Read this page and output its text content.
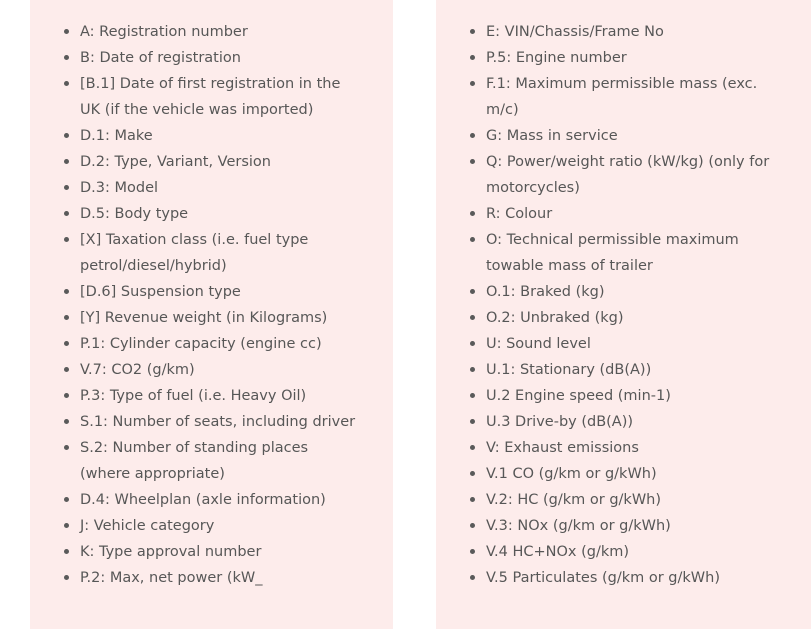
A: Registration number
B: Date of registration
[B.1] Date of first registration in the UK (if the vehicle was imported)
D.1: Make
D.2: Type, Variant, Version
D.3: Model
D.5: Body type
[X] Taxation class (i.e. fuel type petrol/diesel/hybrid)
[D.6] Suspension type
[Y] Revenue weight (in Kilograms)
P.1: Cylinder capacity (engine cc)
V.7: CO2 (g/km)
P.3: Type of fuel (i.e. Heavy Oil)
S.1: Number of seats, including driver
S.2: Number of standing places (where appropriate)
D.4: Wheelplan (axle information)
J: Vehicle category
K: Type approval number
P.2: Max, net power (kW_
E: VIN/Chassis/Frame No
P.5: Engine number
F.1: Maximum permissible mass (exc. m/c)
G: Mass in service
Q: Power/weight ratio (kW/kg) (only for motorcycles)
R: Colour
O: Technical permissible maximum towable mass of trailer
O.1: Braked (kg)
O.2: Unbraked (kg)
U: Sound level
U.1: Stationary (dB(A))
U.2 Engine speed (min-1)
U.3 Drive-by (dB(A))
V: Exhaust emissions
V.1 CO (g/km or g/kWh)
V.2: HC (g/km or g/kWh)
V.3: NOx (g/km or g/kWh)
V.4 HC+NOx (g/km)
V.5 Particulates (g/km or g/kWh)
